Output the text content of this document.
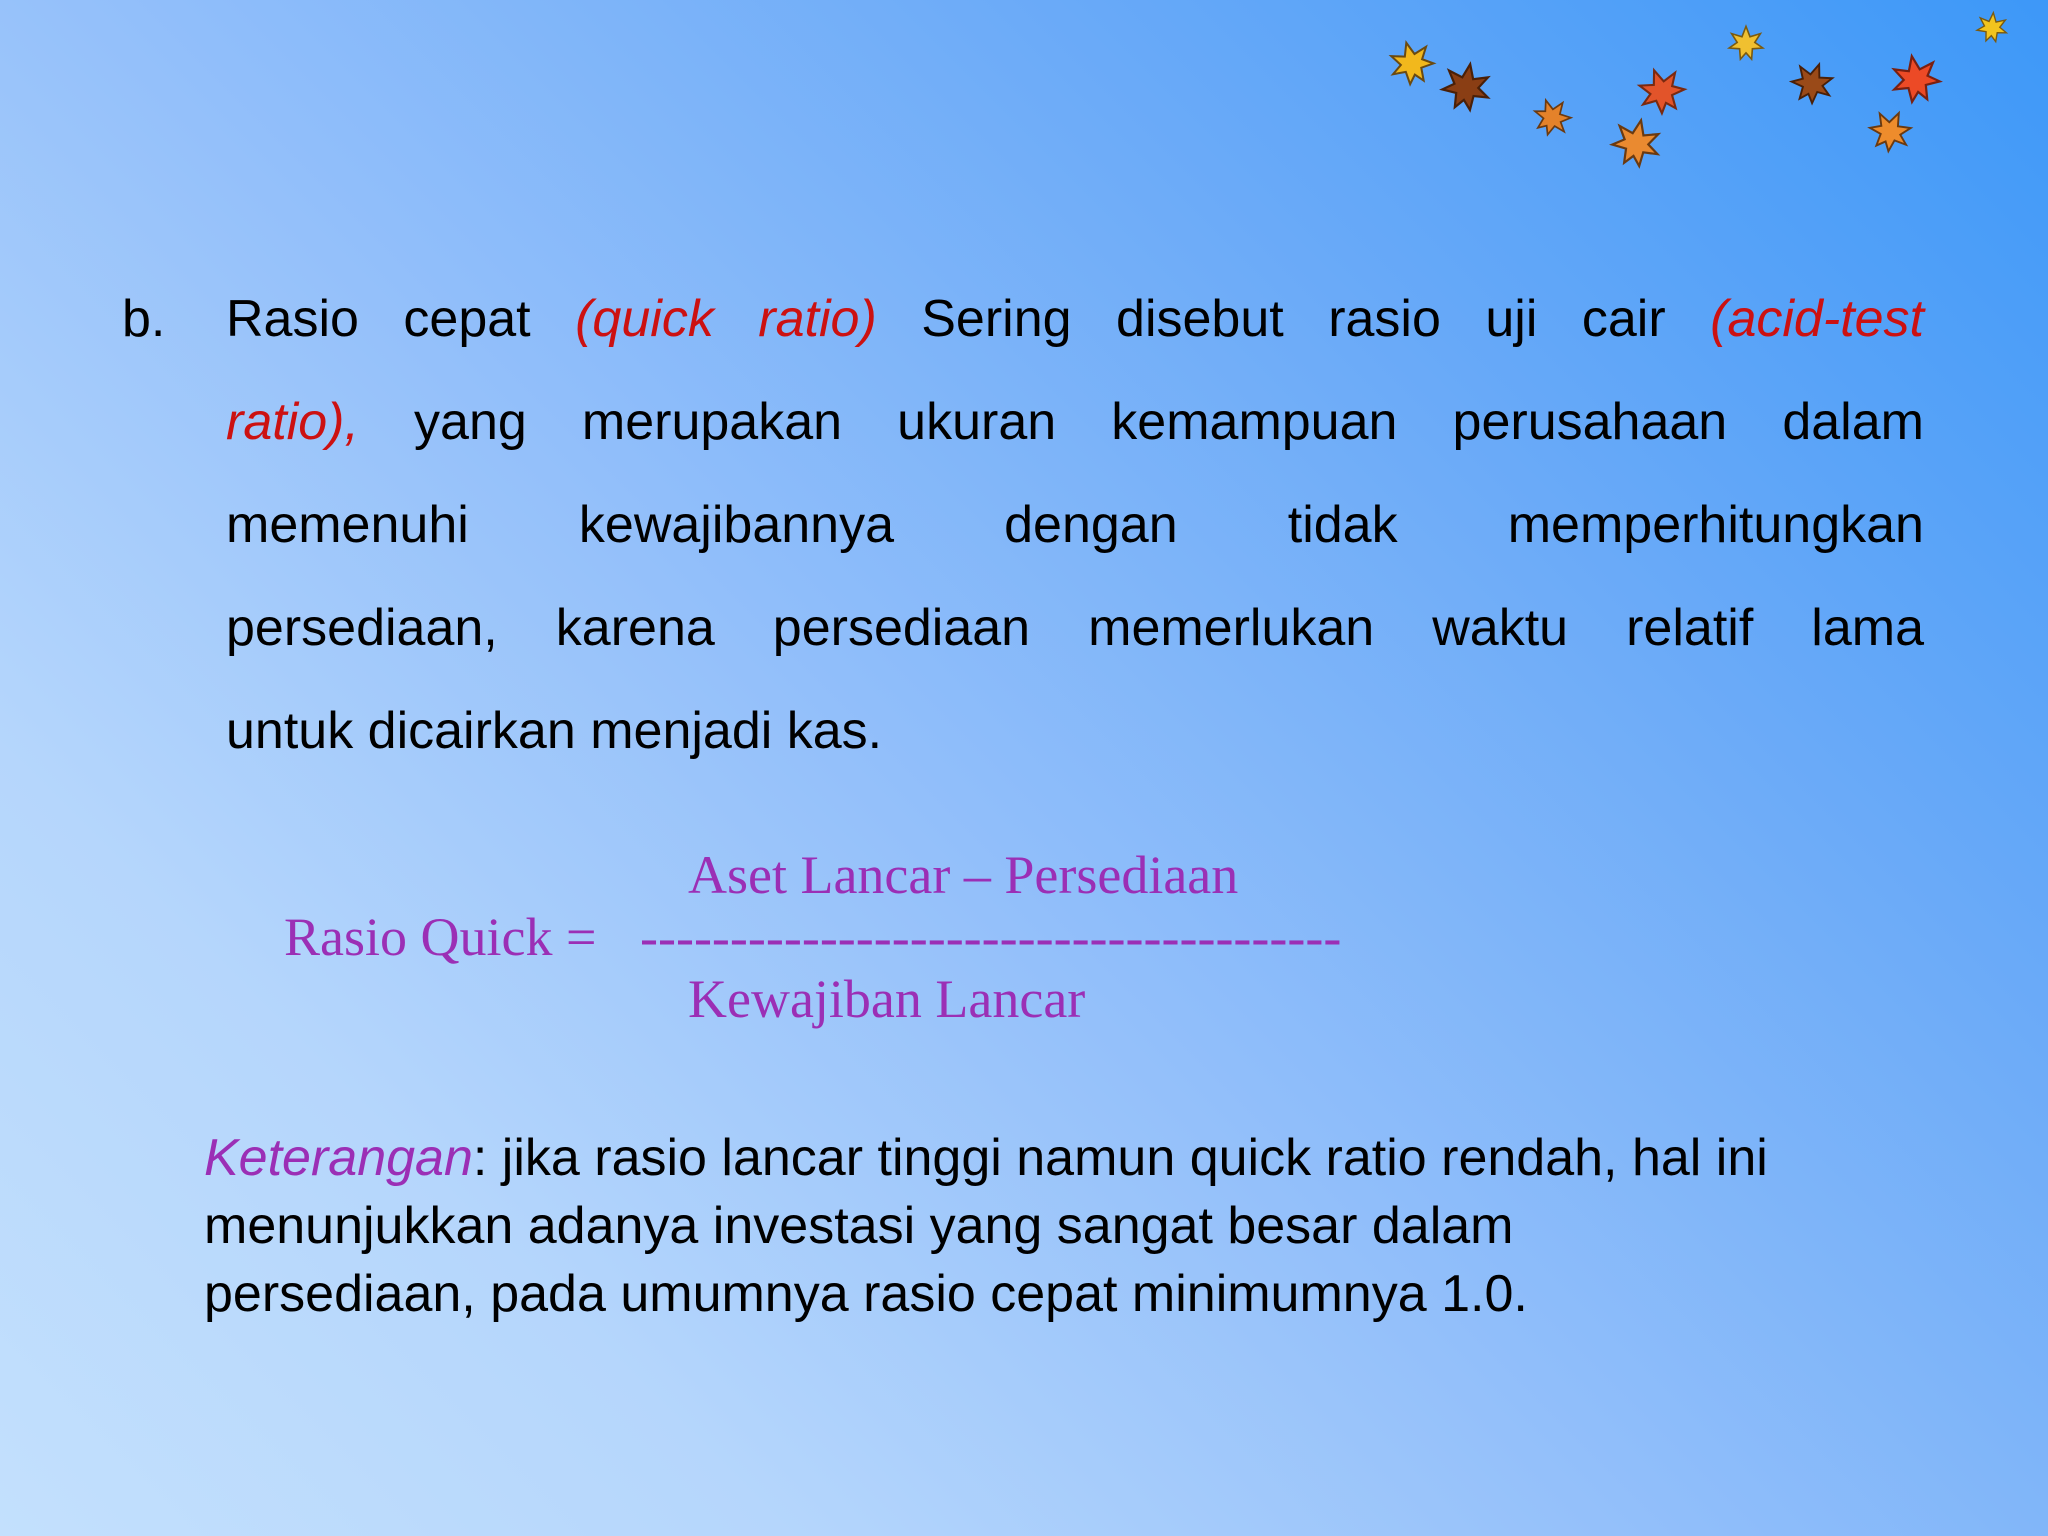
b. Rasio cepat (quick ratio) Sering disebut rasio uji cair (acid-test
ratio), yang merupakan ukuran kemampuan perusahaan dalam
memenuhi kewajibannya dengan tidak memperhitungkan
persediaan, karena persediaan memerlukan waktu relatif lama
untuk dicairkan menjadi kas.
Aset Lancar – Persediaan
Rasio Quick = ---------------------------------------
Kewajiban Lancar
Keterangan: jika rasio lancar tinggi namun quick ratio rendah, hal ini
menunjukkan adanya investasi yang sangat besar dalam
persediaan, pada umumnya rasio cepat minimumnya 1.0.
